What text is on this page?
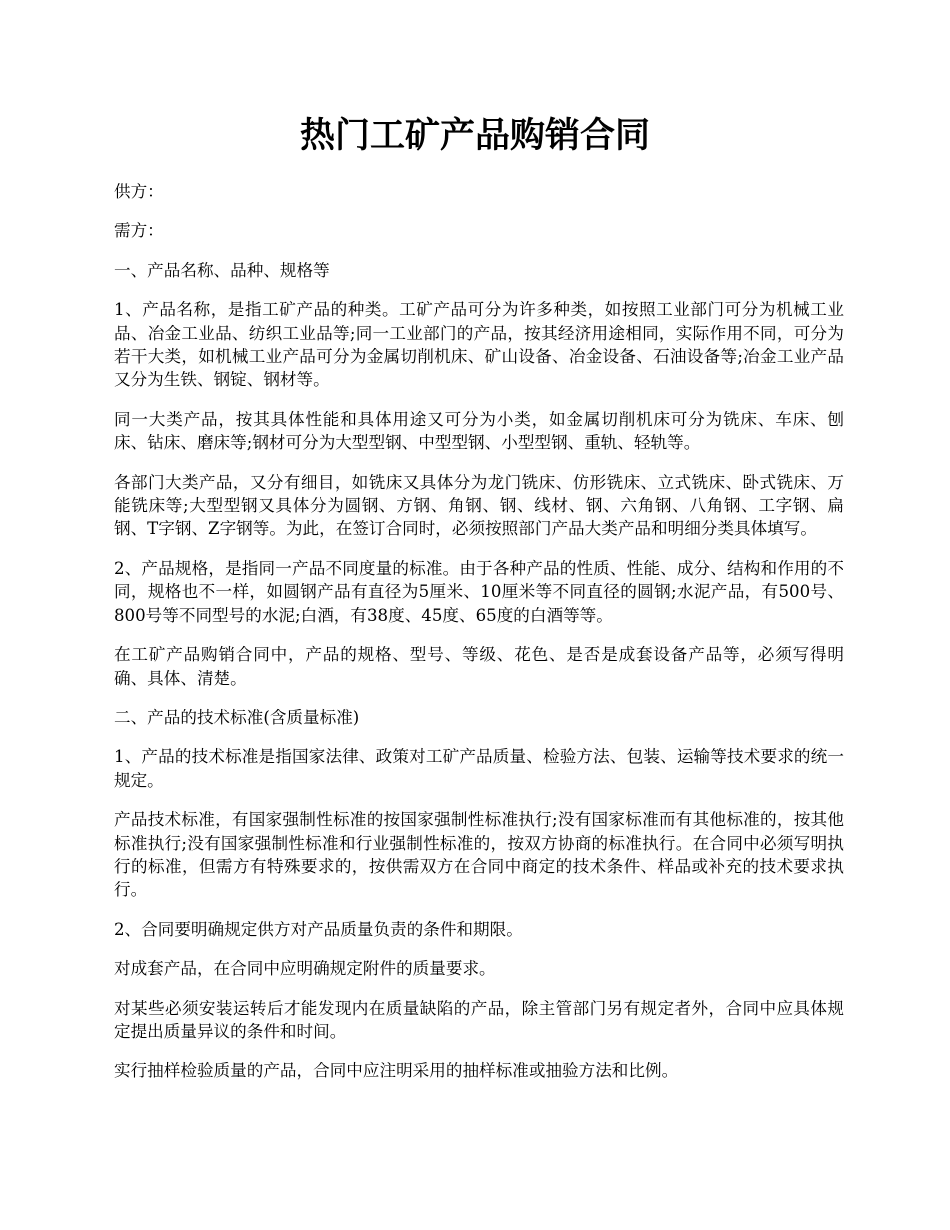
热门工矿产品购销合同

供方：

需方：

一、产品名称、品种、规格等

1、产品名称，是指工矿产品的种类。工矿产品可分为许多种类，如按照工业部门可分为机械工业品、冶金工业品、纺织工业品等;同一工业部门的产品，按其经济用途相同，实际作用不同，可分为若干大类，如机械工业产品可分为金属切削机床、矿山设备、冶金设备、石油设备等;冶金工业产品又分为生铁、钢锭、钢材等。

同一大类产品，按其具体性能和具体用途又可分为小类，如金属切削机床可分为铣床、车床、刨床、钻床、磨床等;钢材可分为大型型钢、中型型钢、小型型钢、重轨、轻轨等。

各部门大类产品，又分有细目，如铣床又具体分为龙门铣床、仿形铣床、立式铣床、卧式铣床、万能铣床等;大型型钢又具体分为圆钢、方钢、角钢、钢、线材、钢、六角钢、八角钢、工字钢、扁钢、T字钢、Z字钢等。为此，在签订合同时，必须按照部门产品大类产品和明细分类具体填写。

2、产品规格，是指同一产品不同度量的标准。由于各种产品的性质、性能、成分、结构和作用的不同，规格也不一样，如圆钢产品有直径为5厘米、10厘米等不同直径的圆钢;水泥产品，有500号、800号等不同型号的水泥;白酒，有38度、45度、65度的白酒等等。

在工矿产品购销合同中，产品的规格、型号、等级、花色、是否是成套设备产品等，必须写得明确、具体、清楚。

二、产品的技术标准(含质量标准)

1、产品的技术标准是指国家法律、政策对工矿产品质量、检验方法、包装、运输等技术要求的统一规定。

产品技术标准，有国家强制性标准的按国家强制性标准执行;没有国家标准而有其他标准的，按其他标准执行;没有国家强制性标准和行业强制性标准的，按双方协商的标准执行。在合同中必须写明执行的标准，但需方有特殊要求的，按供需双方在合同中商定的技术条件、样品或补充的技术要求执行。

2、合同要明确规定供方对产品质量负责的条件和期限。

对成套产品，在合同中应明确规定附件的质量要求。

对某些必须安装运转后才能发现内在质量缺陷的产品，除主管部门另有规定者外，合同中应具体规定提出质量异议的条件和时间。

实行抽样检验质量的产品，合同中应注明采用的抽样标准或抽验方法和比例。
